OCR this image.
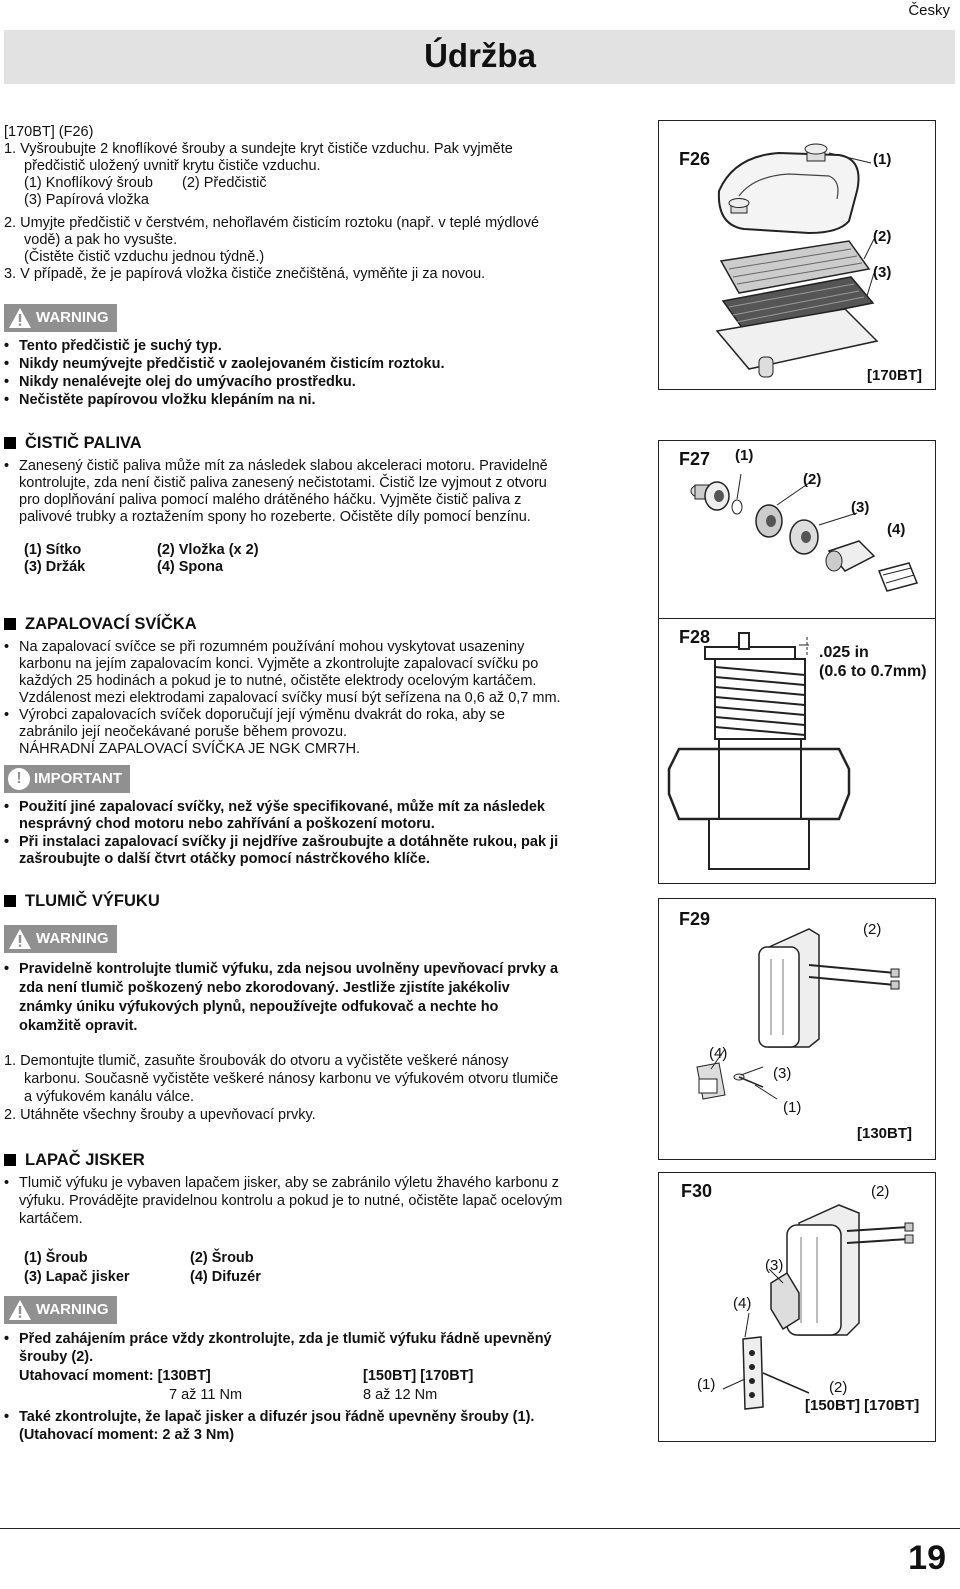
Česky
Údržba

[170BT] (F26)

1. Vyšroubujte 2 knoflíkové šrouby a sundejte kryt čističe vzduchu. Pak vyjměte

předčistič uložený uvnitř krytu čističe vzduchu.

(1) Knoflíkový šroub (2) Předčistič

(3) Papírová vložka

2. Umyjte předčistič v čerstvém, nehořlavém čisticím roztoku (např. v teplé mýdlové

vodě) a pak ho vysušte.

(Čistěte čistič vzduchu jednou týdně.)

3. V případě, že je papírová vložka čističe znečištěná, vyměňte ji za novou.

WARNING

• Tento předčistič je suchý typ.

• Nikdy neumývejte předčistič v zaolejovaném čisticím roztoku.

• Nikdy nenalévejte olej do umývacího prostředku.

• Nečistěte papírovou vložku klepáním na ni.

ČISTIČ PALIVA

• Zanesený čistič paliva může mít za následek slabou akceleraci motoru. Pravidelně

kontrolujte, zda není čistič paliva zanesený nečistotami. Čistič lze vyjmout z otvoru

pro doplňování paliva pomocí malého drátěného háčku. Vyjměte čistič paliva z

palivové trubky a roztažením spony ho rozeberte. Očistěte díly pomocí benzínu.

(1) Sítko	(2) Vložka (x 2)
(3) Držák	(4) Spona
ZAPALOVACÍ SVÍČKA

• Na zapalovací svíčce se při rozumném používání mohou vyskytovat usazeniny

karbonu na jejím zapalovacím konci. Vyjměte a zkontrolujte zapalovací svíčku po

každých 25 hodinách a pokud je to nutné, očistěte elektrody ocelovým kartáčem.

Vzdálenost mezi elektrodami zapalovací svíčky musí být seřízena na 0,6 až 0,7 mm.

• Výrobci zapalovacích svíček doporučují její výměnu dvakrát do roka, aby se

zabránilo její neočekávané poruše během provozu.

NÁHRADNÍ ZAPALOVACÍ SVÍČKA JE NGK CMR7H.

! IMPORTANT

• Použití jiné zapalovací svíčky, než výše specifikované, může mít za následek

nesprávný chod motoru nebo zahřívání a poškození motoru.

• Při instalaci zapalovací svíčky ji nejdříve zašroubujte a dotáhněte rukou, pak ji

zašroubujte o další čtvrt otáčky pomocí nástrčkového klíče.

TLUMIČ VÝFUKU
WARNING

• Pravidelně kontrolujte tlumič výfuku, zda nejsou uvolněny upevňovací prvky a

zda není tlumič poškozený nebo zkorodovaný. Jestliže zjistíte jakékoliv

známky úniku výfukových plynů, nepoužívejte odfukovač a nechte ho

okamžitě opravit.

1. Demontujte tlumič, zasuňte šroubovák do otvoru a vyčistěte veškeré nánosy

karbonu. Současně vyčistěte veškeré nánosy karbonu ve výfukovém otvoru tlumiče

a výfukovém kanálu válce.

2. Utáhněte všechny šrouby a upevňovací prvky.

LAPAČ JISKER

• Tlumič výfuku je vybaven lapačem jisker, aby se zabránilo výletu žhavého karbonu z

výfuku. Provádějte pravidelnou kontrolu a pokud je to nutné, očistěte lapač ocelovým

kartáčem.

(1) Šroub	(2) Šroub
(3) Lapač jisker	(4) Difuzér
WARNING

• Před zahájením práce vždy zkontrolujte, zda je tlumič výfuku řádně upevněný

šrouby (2).

Utahovací moment: [130BT]	[150BT] [170BT]
7 až 11 Nm	8 až 12 Nm

• Také zkontrolujte, že lapač jisker a difuzér jsou řádně upevněny šrouby (1).

(Utahovací moment: 2 až 3 Nm)

F26	(1)
(2)
(3)
[170BT]
F27 (1)
(2)
(3)
(4)
F28
.025 in
(0.6 to 0.7mm)
F29
(2)
(4)
(3)
(1)
[130BT]
F30	(2)
(3)
(4)
(1)	(2)
[150BT] [170BT]
19
